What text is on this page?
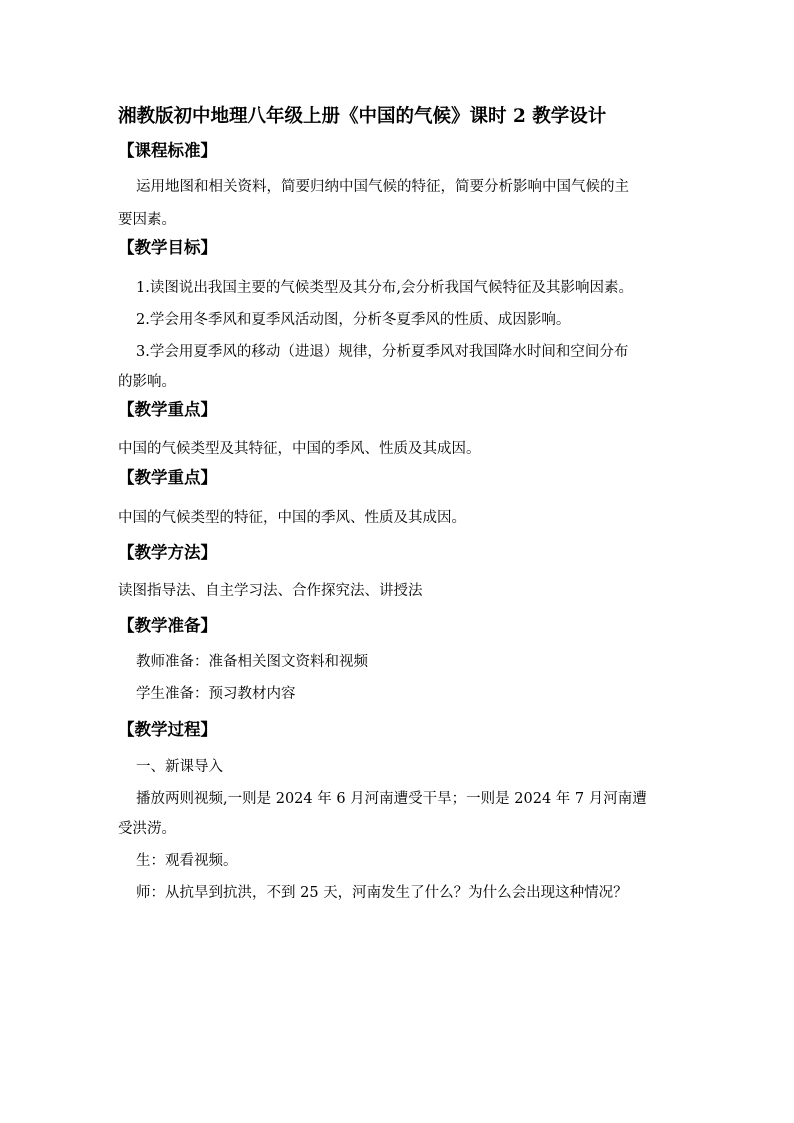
湘教版初中地理八年级上册《中国的气候》课时 2 教学设计
【课程标准】
运用地图和相关资料，简要归纳中国气候的特征，简要分析影响中国气候的主
要因素。
【教学目标】
1.读图说出我国主要的气候类型及其分布,会分析我国气候特征及其影响因素。
2.学会用冬季风和夏季风活动图，分析冬夏季风的性质、成因影响。
3.学会用夏季风的移动（进退）规律，分析夏季风对我国降水时间和空间分布
的影响。
【教学重点】
中国的气候类型及其特征，中国的季风、性质及其成因。
【教学重点】
中国的气候类型的特征，中国的季风、性质及其成因。
【教学方法】
读图指导法、自主学习法、合作探究法、讲授法
【教学准备】
教师准备：准备相关图文资料和视频
学生准备：预习教材内容
【教学过程】
一、新课导入
播放两则视频,一则是 2024 年 6 月河南遭受干旱；一则是 2024 年 7 月河南遭
受洪涝。
生：观看视频。
师：从抗旱到抗洪，不到 25 天，河南发生了什么？为什么会出现这种情况？
